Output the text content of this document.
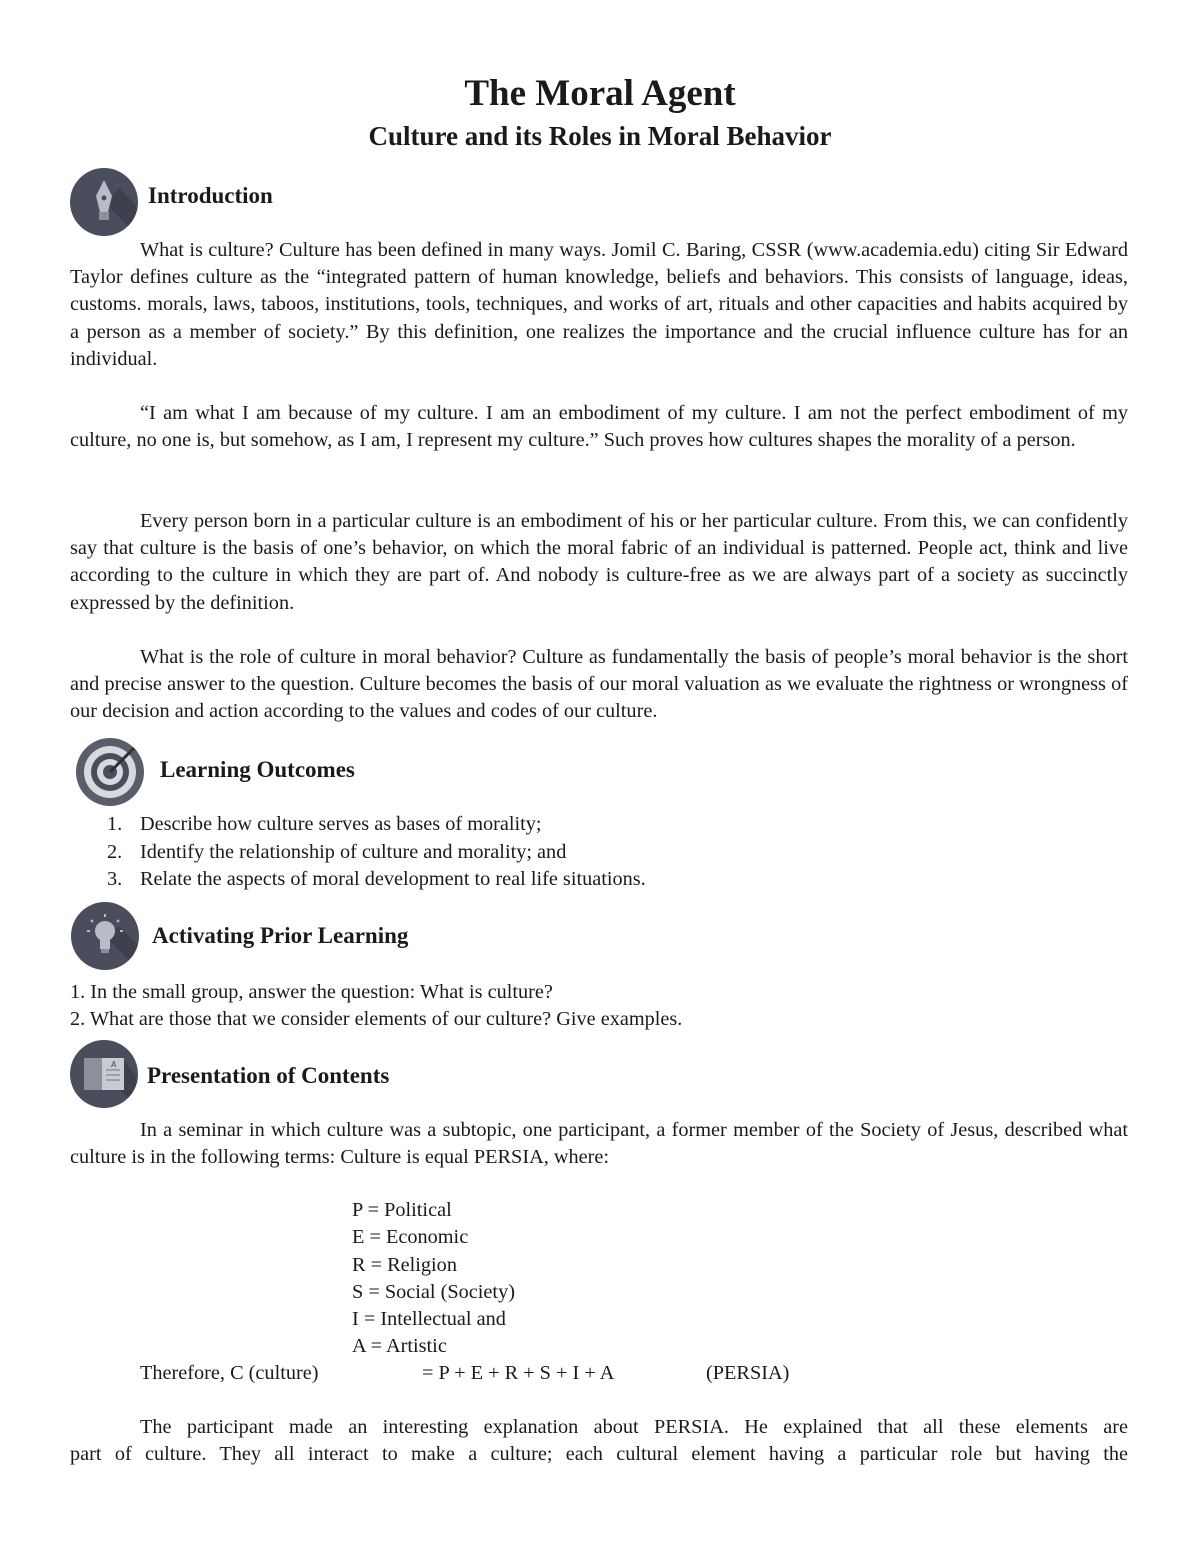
The Moral Agent
Culture and its Roles in Moral Behavior
Introduction
What is culture? Culture has been defined in many ways. Jomil C. Baring, CSSR (www.academia.edu) citing Sir Edward Taylor defines culture as the “integrated pattern of human knowledge, beliefs and behaviors. This consists of language, ideas, customs. morals, laws, taboos, institutions, tools, techniques, and works of art, rituals and other capacities and habits acquired by a person as a member of society.” By this definition, one realizes the importance and the crucial influence culture has for an individual.
“I am what I am because of my culture. I am an embodiment of my culture. I am not the perfect embodiment of my culture, no one is, but somehow, as I am, I represent my culture.” Such proves how cultures shapes the morality of a person.
Every person born in a particular culture is an embodiment of his or her particular culture. From this, we can confidently say that culture is the basis of one’s behavior, on which the moral fabric of an individual is patterned. People act, think and live according to the culture in which they are part of. And nobody is culture-free as we are always part of a society as succinctly expressed by the definition.
What is the role of culture in moral behavior? Culture as fundamentally the basis of people’s moral behavior is the short and precise answer to the question. Culture becomes the basis of our moral valuation as we evaluate the rightness or wrongness of our decision and action according to the values and codes of our culture.
Learning Outcomes
1. Describe how culture serves as bases of morality;
2. Identify the relationship of culture and morality; and
3. Relate the aspects of moral development to real life situations.
Activating Prior Learning
1. In the small group, answer the question: What is culture?
2. What are those that we consider elements of our culture? Give examples.
A Presentation of Contents
In a seminar in which culture was a subtopic, one participant, a former member of the Society of Jesus, described what culture is in the following terms: Culture is equal PERSIA, where:
P = Political
E = Economic
R = Religion
S = Social (Society)
I = Intellectual and
A = Artistic
Therefore, C (culture)	= P + E + R + S + I + A	(PERSIA)
The participant made an interesting explanation about PERSIA. He explained that all these elements are
part of culture. They all interact to make a culture; each cultural element having a particular role but having the
